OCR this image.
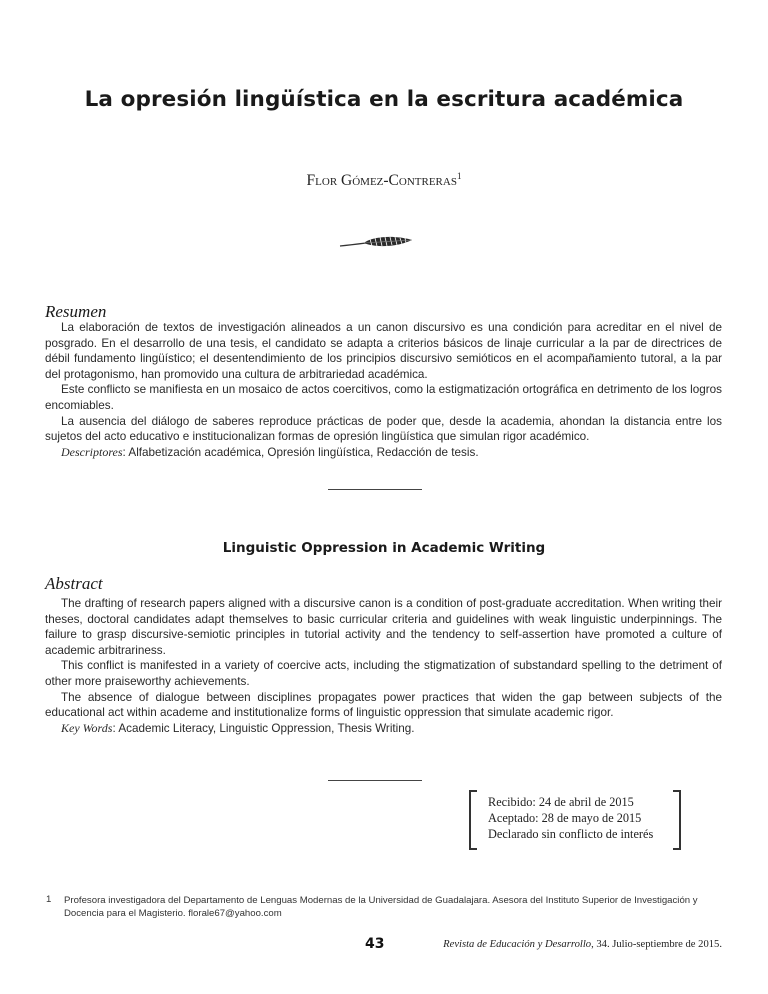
La opresión lingüística en la escritura académica
Flor Gómez-Contreras$^1$
Resumen

La elaboración de textos de investigación alineados a un canon discursivo es una condición para acreditar en el nivel de posgrado. En el desarrollo de una tesis, el candidato se adapta a criterios básicos de linaje curricular a la par de directrices de débil fundamento lingüístico; el desentendimiento de los principios discursivo semióticos en el acompañamiento tutoral, a la par del protagonismo, han promovido una cultura de arbitrariedad académica.

Este conflicto se manifiesta en un mosaico de actos coercitivos, como la estigmatización ortográfica en detrimento de los logros encomiables.

La ausencia del diálogo de saberes reproduce prácticas de poder que, desde la academia, ahondan la distancia entre los sujetos del acto educativo e institucionalizan formas de opresión lingüística que simulan rigor académico.

Descriptores: Alfabetización académica, Opresión lingüística, Redacción de tesis.

Linguistic Oppression in Academic Writing
Abstract

The drafting of research papers aligned with a discursive canon is a condition of post-graduate accreditation. When writing their theses, doctoral candidates adapt themselves to basic curricular criteria and guidelines with weak linguistic underpinnings. The failure to grasp discursive-semiotic principles in tutorial activity and the tendency to self-assertion have promoted a culture of academic arbitrariness.

This conflict is manifested in a variety of coercive acts, including the stigmatization of substandard spelling to the detriment of other more praiseworthy achievements.

The absence of dialogue between disciplines propagates power practices that widen the gap between subjects of the educational act within academe and institutionalize forms of linguistic oppression that simulate academic rigor.

Key Words: Academic Literacy, Linguistic Oppression, Thesis Writing.

Recibido: 24 de abril de 2015
Aceptado: 28 de mayo de 2015
Declarado sin conflicto de interés
1 Profesora investigadora del Departamento de Lenguas Modernas de la Universidad de Guadalajara. Asesora del Instituto Superior de Investigación y Docencia para el Magisterio. florale67@yahoo.com
43	Revista de Educación y Desarrollo, 34. Julio-septiembre de 2015.
